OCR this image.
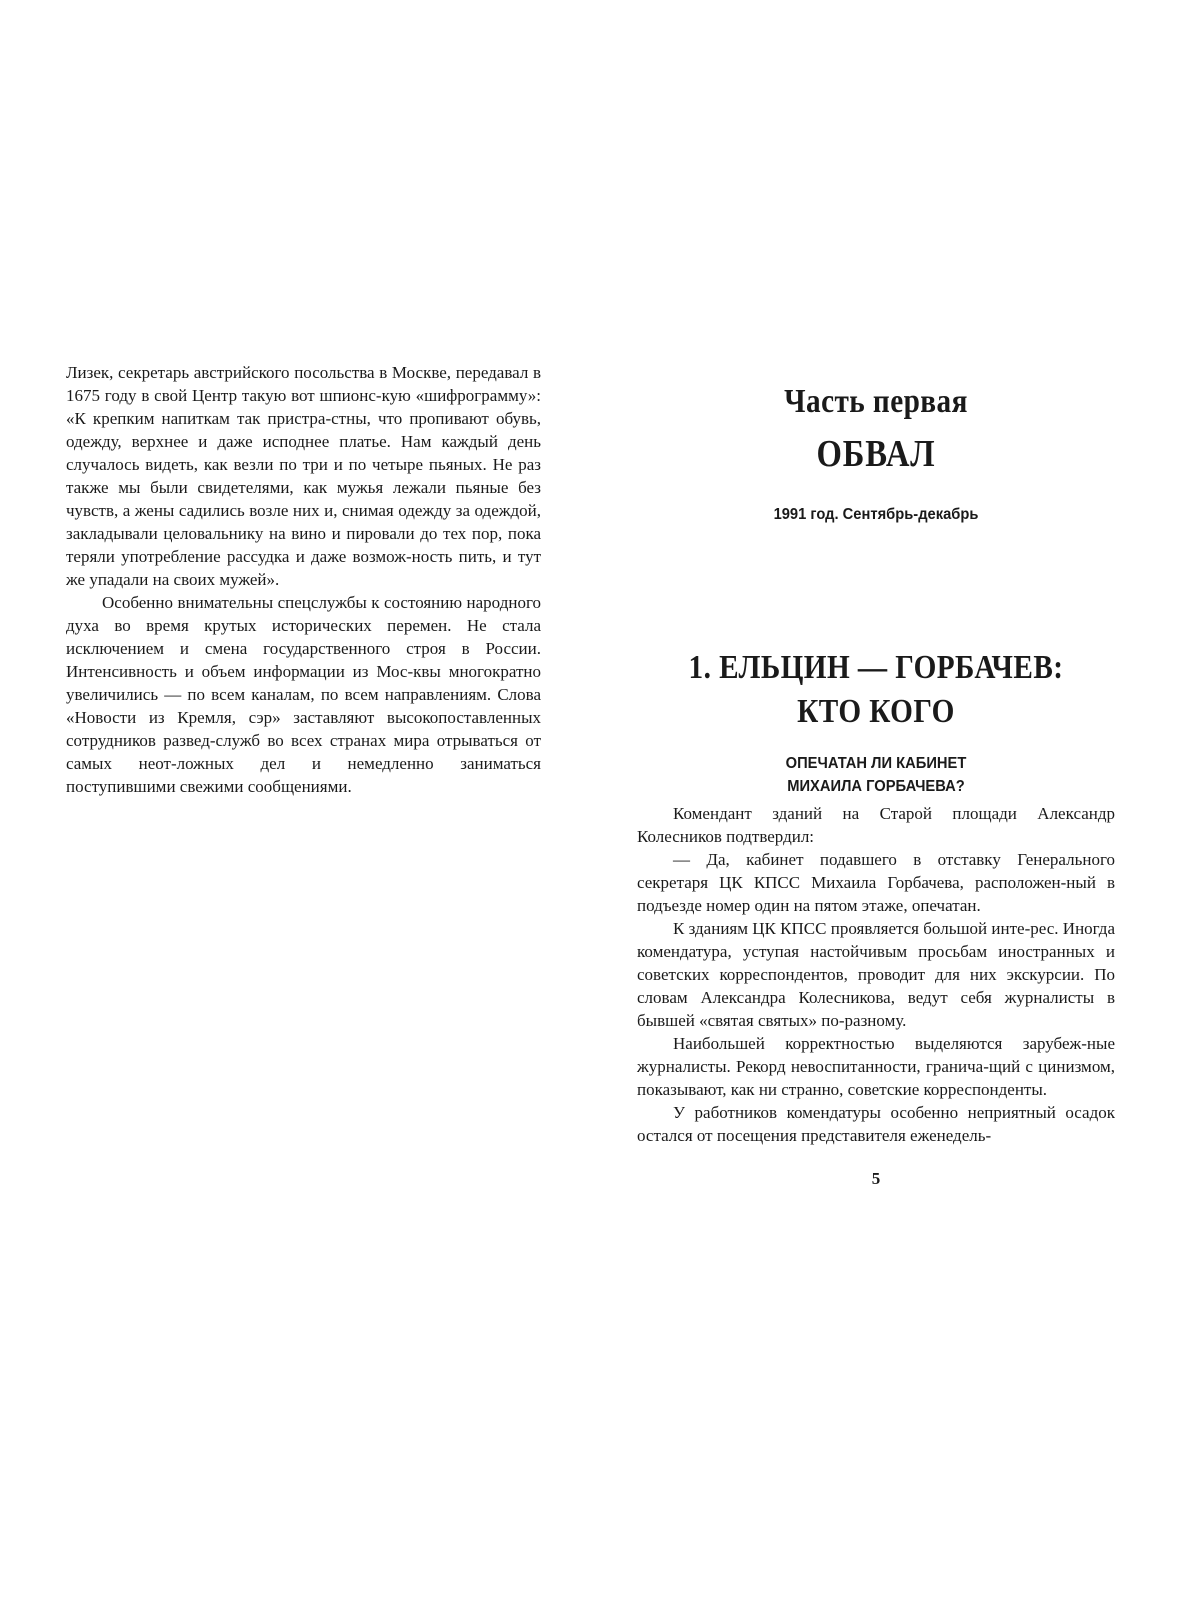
Лизек, секретарь австрийского посольства в Москве, передавал в 1675 году в свой Центр такую вот шпионс-кую «шифрограмму»: «К крепким напиткам так пристра-стны, что пропивают обувь, одежду, верхнее и даже исподнее платье. Нам каждый день случалось видеть, как везли по три и по четыре пьяных. Не раз также мы были свидетелями, как мужья лежали пьяные без чувств, а жены садились возле них и, снимая одежду за одеждой, закладывали целовальнику на вино и пировали до тех пор, пока теряли употребление рассудка и даже возмож-ность пить, и тут же упадали на своих мужей».

Особенно внимательны спецслужбы к состоянию народного духа во время крутых исторических перемен. Не стала исключением и смена государственного строя в России. Интенсивность и объем информации из Мос-квы многократно увеличились — по всем каналам, по всем направлениям. Слова «Новости из Кремля, сэр» заставляют высокопоставленных сотрудников развед-служб во всех странах мира отрываться от самых неот-ложных дел и немедленно заниматься поступившими свежими сообщениями.

Часть первая
ОБВАЛ
1991 год. Сентябрь-декабрь
1. ЕЛЬЦИН — ГОРБАЧЕВ:
КТО КОГО
ОПЕЧАТАН ЛИ КАБИНЕТ
МИХАИЛА ГОРБАЧЕВА?

Комендант зданий на Старой площади Александр Колесников подтвердил:

— Да, кабинет подавшего в отставку Генерального секретаря ЦК КПСС Михаила Горбачева, расположен-ный в подъезде номер один на пятом этаже, опечатан.

К зданиям ЦК КПСС проявляется большой инте-рес. Иногда комендатура, уступая настойчивым просьбам иностранных и советских корреспондентов, проводит для них экскурсии. По словам Александра Колесникова, ведут себя журналисты в бывшей «святая святых» по-разному.

Наибольшей корректностью выделяются зарубеж-ные журналисты. Рекорд невоспитанности, гранича-щий с цинизмом, показывают, как ни странно, советские корреспонденты.

У работников комендатуры особенно неприятный осадок остался от посещения представителя еженедель-

5
